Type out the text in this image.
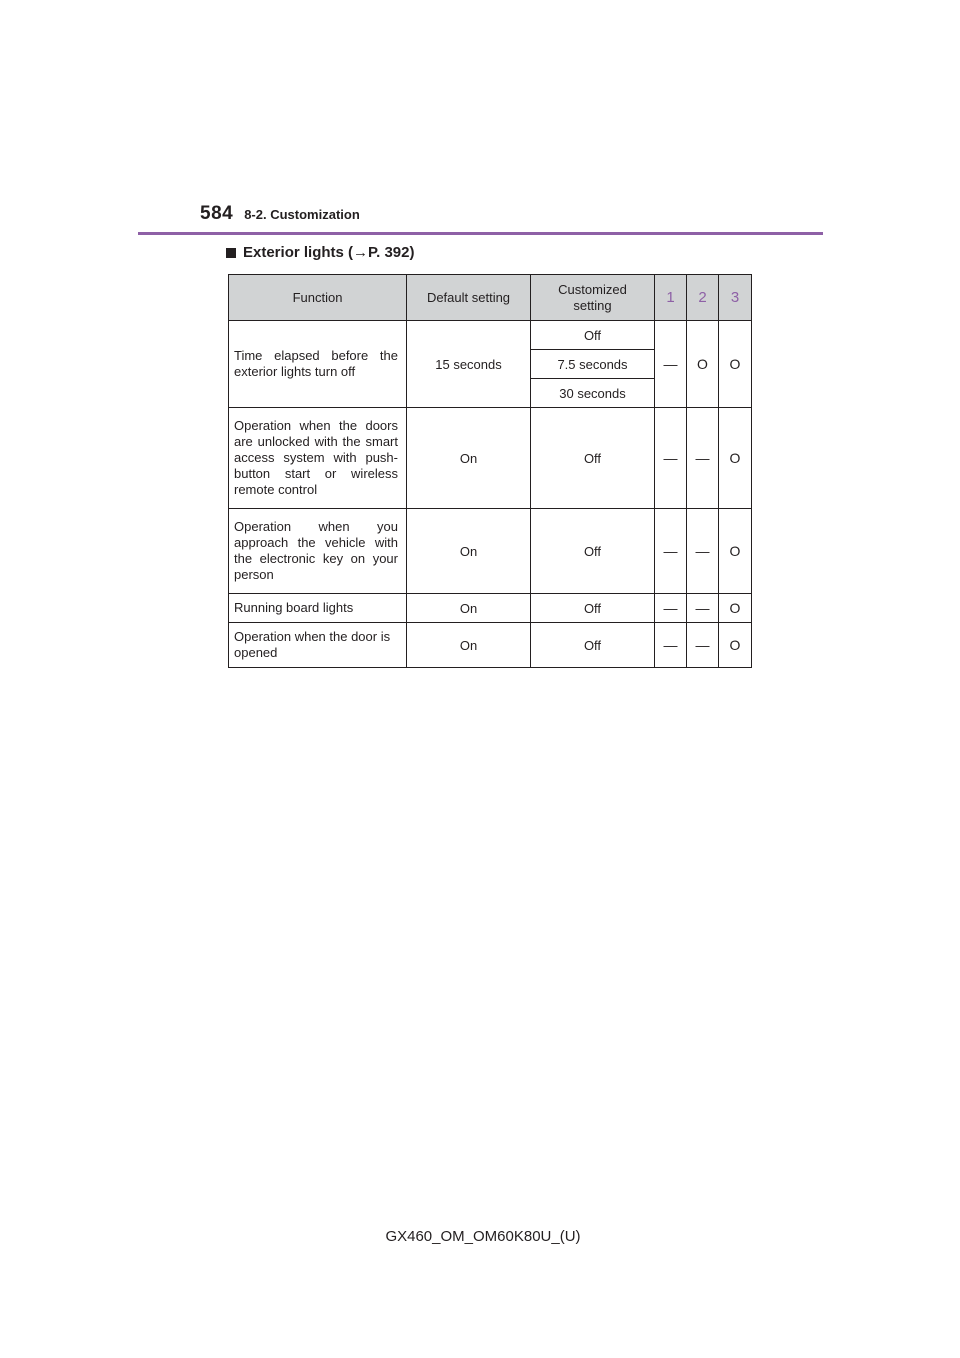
584 8-2. Customization
Exterior lights ( → P. 392)
Function	Default setting	Customized setting	1	2	3
Time elapsed before the exterior lights turn off	15 seconds	Off	—	O	O
		7.5 seconds			
		30 seconds			
Operation when the doors are unlocked with the smart access system with push-button start or wireless remote control	On	Off	—	—	O
Operation when you approach the vehicle with the electronic key on your person	On	Off	—	—	O
Running board lights	On	Off	—	—	O
Operation when the door is opened	On	Off	—	—	O
GX460_OM_OM60K80U_(U)
